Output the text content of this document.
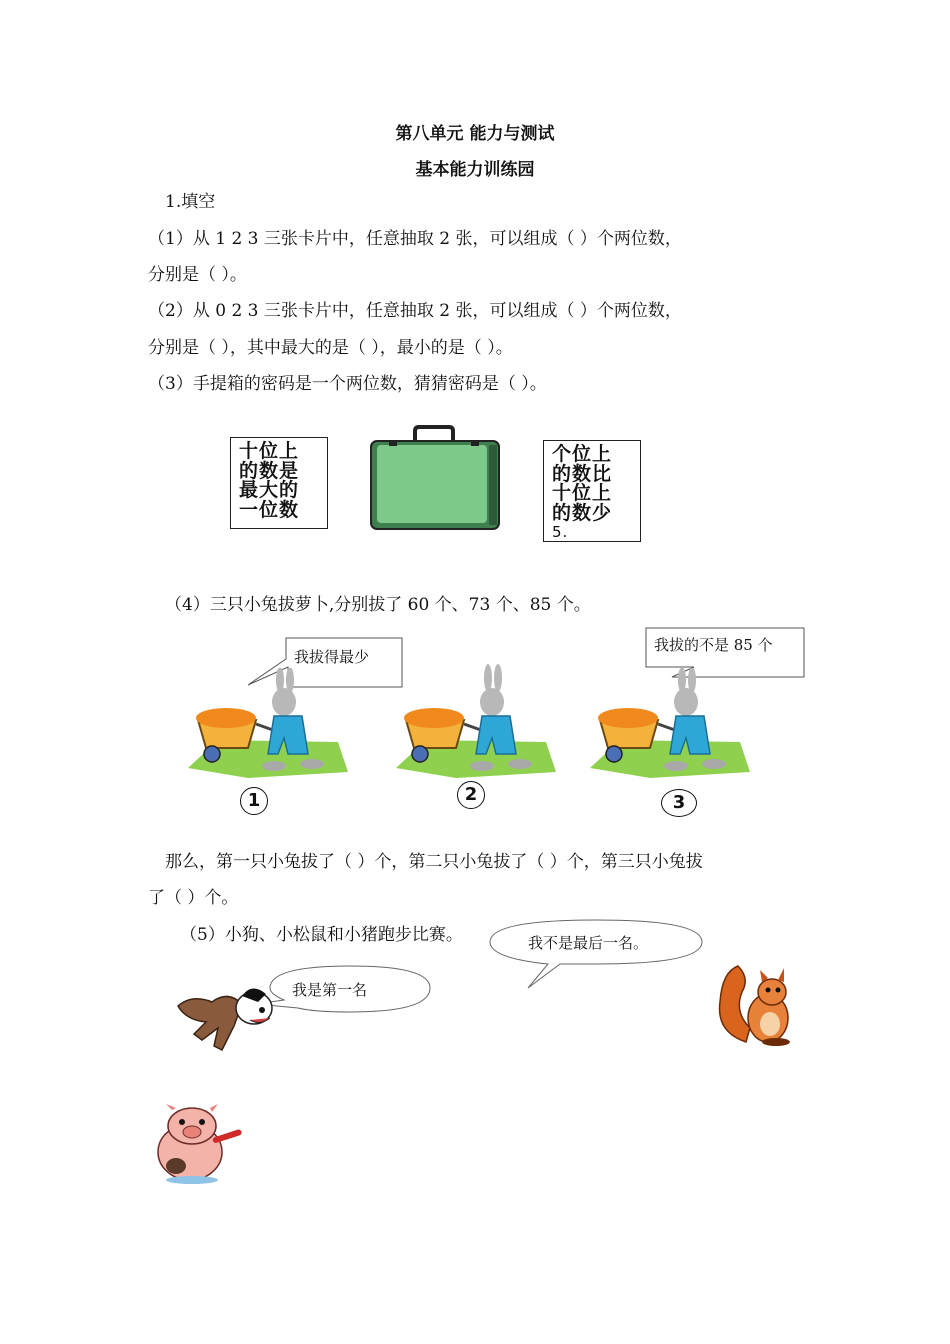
第八单元 能力与测试
基本能力训练园
1.填空
（1）从 1 2 3 三张卡片中，任意抽取 2 张，可以组成（ ）个两位数，
分别是（ ）。
（2）从 0 2 3 三张卡片中，任意抽取 2 张，可以组成（ ）个两位数，
分别是（ ），其中最大的是（ ），最小的是（ ）。
（3）手提箱的密码是一个两位数，猜猜密码是（ ）。
十位上
的数是
最大的
一位数
个位上
的数比
十位上
的数少
5.
（4）三只小兔拔萝卜,分别拔了 60 个、73 个、85 个。
我拔得最少
我拔的不是 85 个
1	2	3
那么，第一只小兔拔了（ ）个，第二只小兔拔了（ ）个，第三只小兔拔
了（ ）个。
（5）小狗、小松鼠和小猪跑步比赛。	我不是最后一名。
我是第一名
